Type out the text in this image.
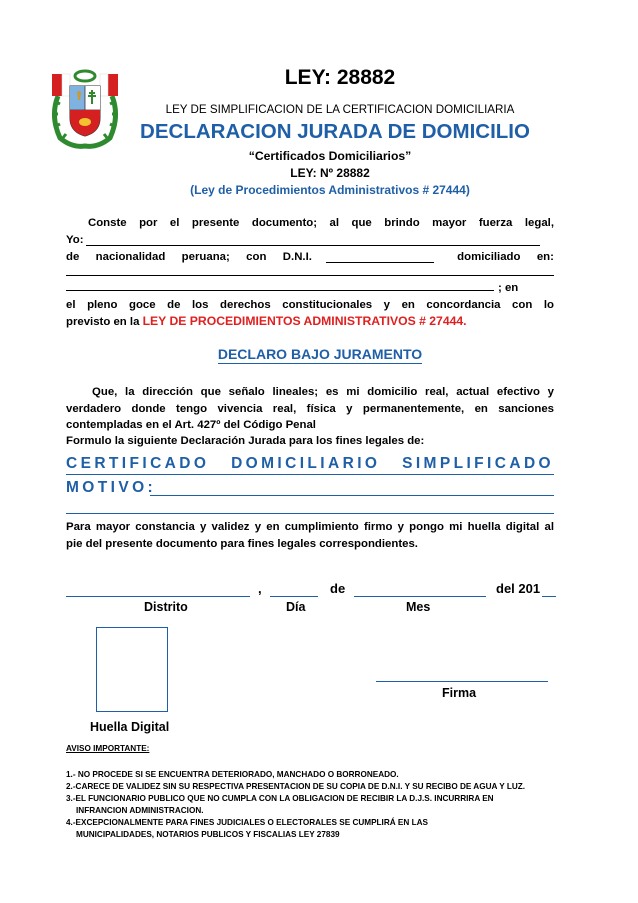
LEY: 28882
LEY DE SIMPLIFICACION DE LA CERTIFICACION DOMICILIARIA
DECLARACION JURADA DE DOMICILIO
“Certificados Domiciliarios”
LEY: Nº 28882
(Ley de Procedimientos Administrativos # 27444)
Conste por el presente documento; al que brindo mayor fuerza legal,
Yo:
de nacionalidad peruana; con D.N.I.	domiciliado en:
; en
el pleno goce de los derechos constitucionales y en concordancia con lo
previsto en la LEY DE PROCEDIMIENTOS ADMINISTRATIVOS # 27444.
DECLARO BAJO JURAMENTO
Que, la dirección que señalo lineales; es mi domicilio real, actual efectivo y
verdadero donde tengo vivencia real, física y permanentemente, en sanciones
contempladas en el Art. 427º del Código Penal
Formulo la siguiente Declaración Jurada para los fines legales de:
CERTIFICADO DOMICILIARIO SIMPLIFICADO
MOTIVO:
Para mayor constancia y validez y en cumplimiento firmo y pongo mi huella digital al
pie del presente documento para fines legales correspondientes.
,	de	del 201
Distrito	Día	Mes
Huella Digital
Firma
AVISO IMPORTANTE:
1.- NO PROCEDE SI SE ENCUENTRA DETERIORADO, MANCHADO O BORRONEADO.
2.-CARECE DE VALIDEZ SIN SU RESPECTIVA PRESENTACION DE SU COPIA DE D.N.I. Y SU RECIBO DE AGUA Y LUZ.
3.-EL FUNCIONARIO PUBLICO QUE NO CUMPLA CON LA OBLIGACION DE RECIBIR LA D.J.S. INCURRIRA EN
INFRANCION ADMINISTRACION.
4.-EXCEPCIONALMENTE PARA FINES JUDICIALES O ELECTORALES SE CUMPLIRÁ EN LAS
MUNICIPALIDADES, NOTARIOS PUBLICOS Y FISCALIAS LEY 27839
